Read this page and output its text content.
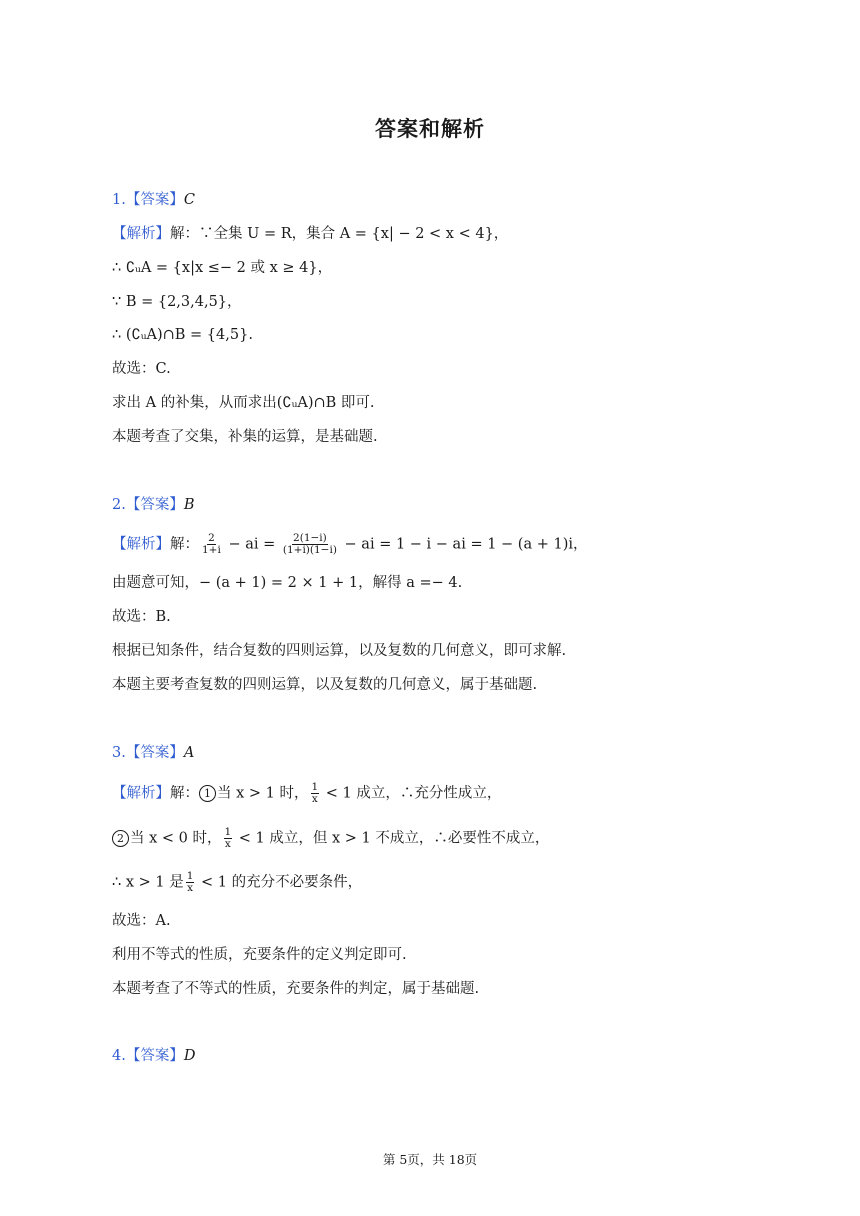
答案和解析
1.【答案】C
【解析】解：∵全集 U = R，集合 A = {x| − 2 < x < 4}，
∴ ∁ᵤA = {x|x ≤− 2 或 x ≥ 4}，
∵ B = {2,3,4,5}，
∴ (∁ᵤA)∩B = {4,5}.
故选：C.
求出 A 的补集，从而求出(∁ᵤA)∩B 即可.
本题考查了交集，补集的运算，是基础题.
2.【答案】B
【解析】解： $\frac{2}{1+i}$ − ai = $\frac{2(1-i)}{(1+i)(1-i)}$ − ai = 1 − i − ai = 1 − (a + 1)i，
由题意可知，− (a + 1) = 2 × 1 + 1，解得 a =− 4.
故选：B.
根据已知条件，结合复数的四则运算，以及复数的几何意义，即可求解.
本题主要考查复数的四则运算，以及复数的几何意义，属于基础题.
3.【答案】A
【解析】解： 1 当 x > 1 时， $\frac{1}{x} < 1$ 成立，∴充分性成立，
2 当 x < 0 时， $\frac{1}{x} < 1$ 成立，但 x > 1 不成立，∴必要性不成立，
∴ x > 1 是 $\frac{1}{x} < 1$ 的充分不必要条件，
故选：A.
利用不等式的性质，充要条件的定义判定即可.
本题考查了不等式的性质，充要条件的判定，属于基础题.
4.【答案】D
第 5页，共 18页
